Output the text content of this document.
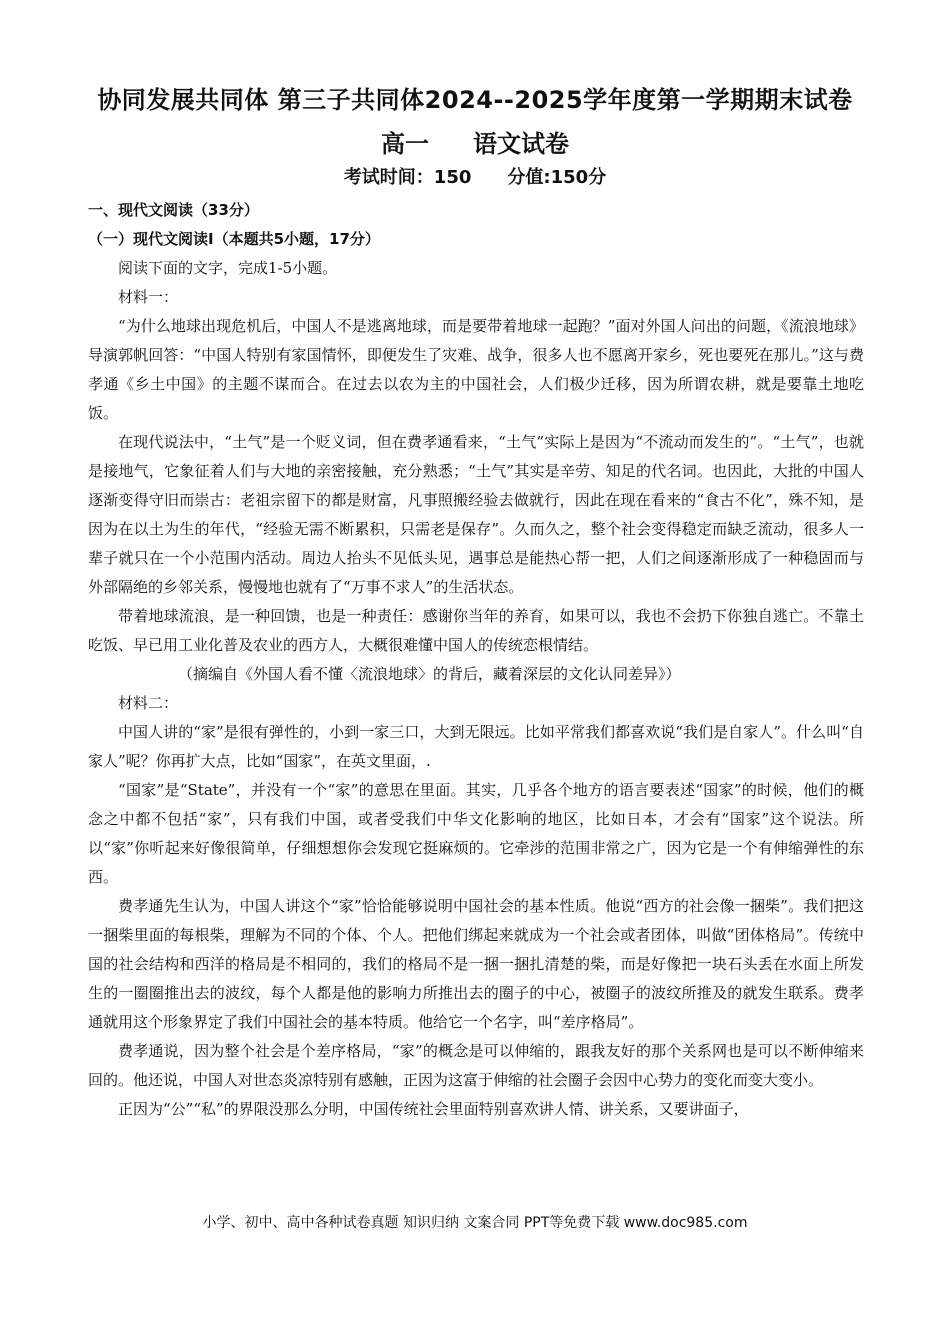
协同发展共同体 第三子共同体2024--2025学年度第一学期期末试卷
高一 语文试卷
考试时间：150 分值:150分

一、现代文阅读（33分）

（一）现代文阅读Ⅰ（本题共5小题，17分）

阅读下面的文字，完成1-5小题。

材料一：

“为什么地球出现危机后，中国人不是逃离地球，而是要带着地球一起跑？”面对外国人问出的问题，《流浪地球》导演郭帆回答：“中国人特别有家国情怀，即便发生了灾难、战争，很多人也不愿离开家乡，死也要死在那儿。”这与费孝通《乡土中国》的主题不谋而合。在过去以农为主的中国社会，人们极少迁移，因为所谓农耕，就是要靠土地吃饭。

在现代说法中，“土气”是一个贬义词，但在费孝通看来，“土气”实际上是因为“不流动而发生的”。“土气”，也就是接地气，它象征着人们与大地的亲密接触，充分熟悉；“土气”其实是辛劳、知足的代名词。也因此，大批的中国人逐渐变得守旧而崇古：老祖宗留下的都是财富，凡事照搬经验去做就行，因此在现在看来的“食古不化”，殊不知，是因为在以土为生的年代，“经验无需不断累积，只需老是保存”。久而久之，整个社会变得稳定而缺乏流动，很多人一辈子就只在一个小范围内活动。周边人抬头不见低头见，遇事总是能热心帮一把，人们之间逐渐形成了一种稳固而与外部隔绝的乡邻关系，慢慢地也就有了“万事不求人”的生活状态。

带着地球流浪，是一种回馈，也是一种责任：感谢你当年的养育，如果可以，我也不会扔下你独自逃亡。不靠土吃饭、早已用工业化普及农业的西方人，大概很难懂中国人的传统恋根情结。

（摘编自《外国人看不懂〈流浪地球〉的背后，藏着深层的文化认同差异》）

材料二：

中国人讲的“家”是很有弹性的，小到一家三口，大到无限远。比如平常我们都喜欢说“我们是自家人”。什么叫“自家人”呢？你再扩大点，比如“国家”，在英文里面，.

“国家”是“State”，并没有一个“家”的意思在里面。其实，几乎各个地方的语言要表述“国家”的时候，他们的概念之中都不包括“家”，只有我们中国，或者受我们中华文化影响的地区，比如日本，才会有“国家”这个说法。所以“家”你听起来好像很简单，仔细想想你会发现它挺麻烦的。它牵涉的范围非常之广，因为它是一个有伸缩弹性的东西。

费孝通先生认为，中国人讲这个“家”恰恰能够说明中国社会的基本性质。他说“西方的社会像一捆柴”。我们把这一捆柴里面的每根柴，理解为不同的个体、个人。把他们绑起来就成为一个社会或者团体，叫做“团体格局”。传统中国的社会结构和西洋的格局是不相同的，我们的格局不是一捆一捆扎清楚的柴，而是好像把一块石头丢在水面上所发生的一圈圈推出去的波纹，每个人都是他的影响力所推出去的圈子的中心，被圈子的波纹所推及的就发生联系。费孝通就用这个形象界定了我们中国社会的基本特质。他给它一个名字，叫“差序格局”。

费孝通说，因为整个社会是个差序格局，“家”的概念是可以伸缩的，跟我友好的那个关系网也是可以不断伸缩来回的。他还说，中国人对世态炎凉特别有感触，正因为这富于伸缩的社会圈子会因中心势力的变化而变大变小。

正因为“公”“私”的界限没那么分明，中国传统社会里面特别喜欢讲人情、讲关系，又要讲面子，

小学、初中、高中各种试卷真题 知识归纳 文案合同 PPT等免费下载 www.doc985.com
